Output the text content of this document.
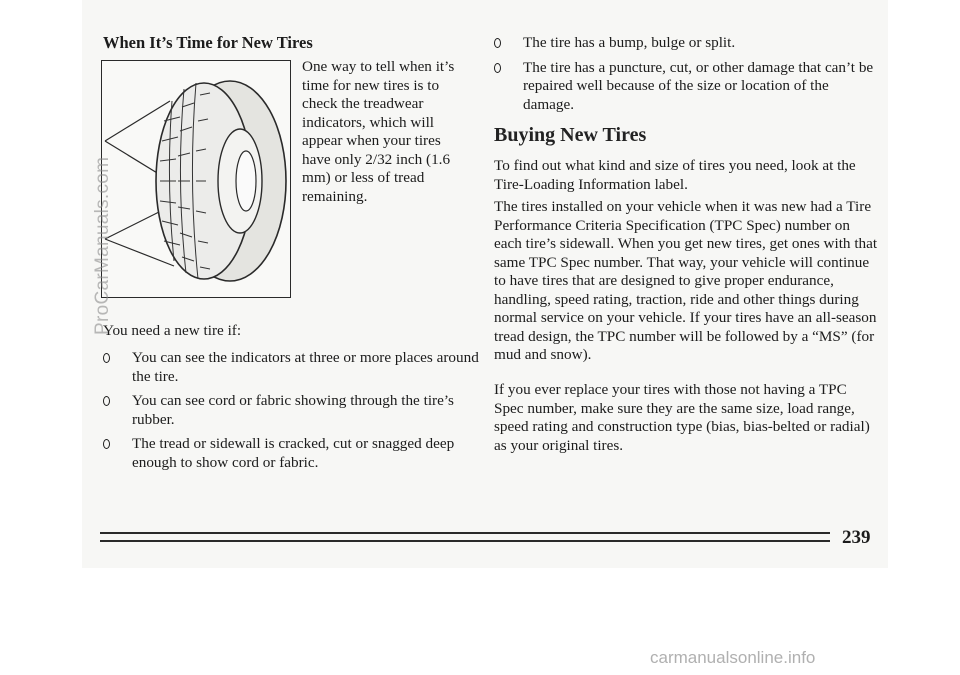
When It’s Time for New Tires

One way to tell when it’s time for new tires is to check the treadwear indicators, which will appear when your tires have only 2/32 inch (1.6 mm) or less of tread remaining.

You need a new tire if:

You can see the indicators at three or more places around the tire.
You can see cord or fabric showing through the tire’s rubber.
The tread or sidewall is cracked, cut or snagged deep enough to show cord or fabric.
The tire has a bump, bulge or split.
The tire has a puncture, cut, or other damage that can’t be repaired well because of the size or location of the damage.
Buying New Tires

To find out what kind and size of tires you need, look at the Tire-Loading Information label.

The tires installed on your vehicle when it was new had a Tire Performance Criteria Specification (TPC Spec) number on each tire’s sidewall. When you get new tires, get ones with that same TPC Spec number. That way, your vehicle will continue to have tires that are designed to give proper endurance, handling, speed rating, traction, ride and other things during normal service on your vehicle. If your tires have an all-season tread design, the TPC number will be followed by a “MS” (for mud and snow).

If you ever replace your tires with those not having a TPC Spec number, make sure they are the same size, load range, speed rating and construction type (bias, bias-belted or radial) as your original tires.

239

ProCarManuals.com
carmanualsonline.info
